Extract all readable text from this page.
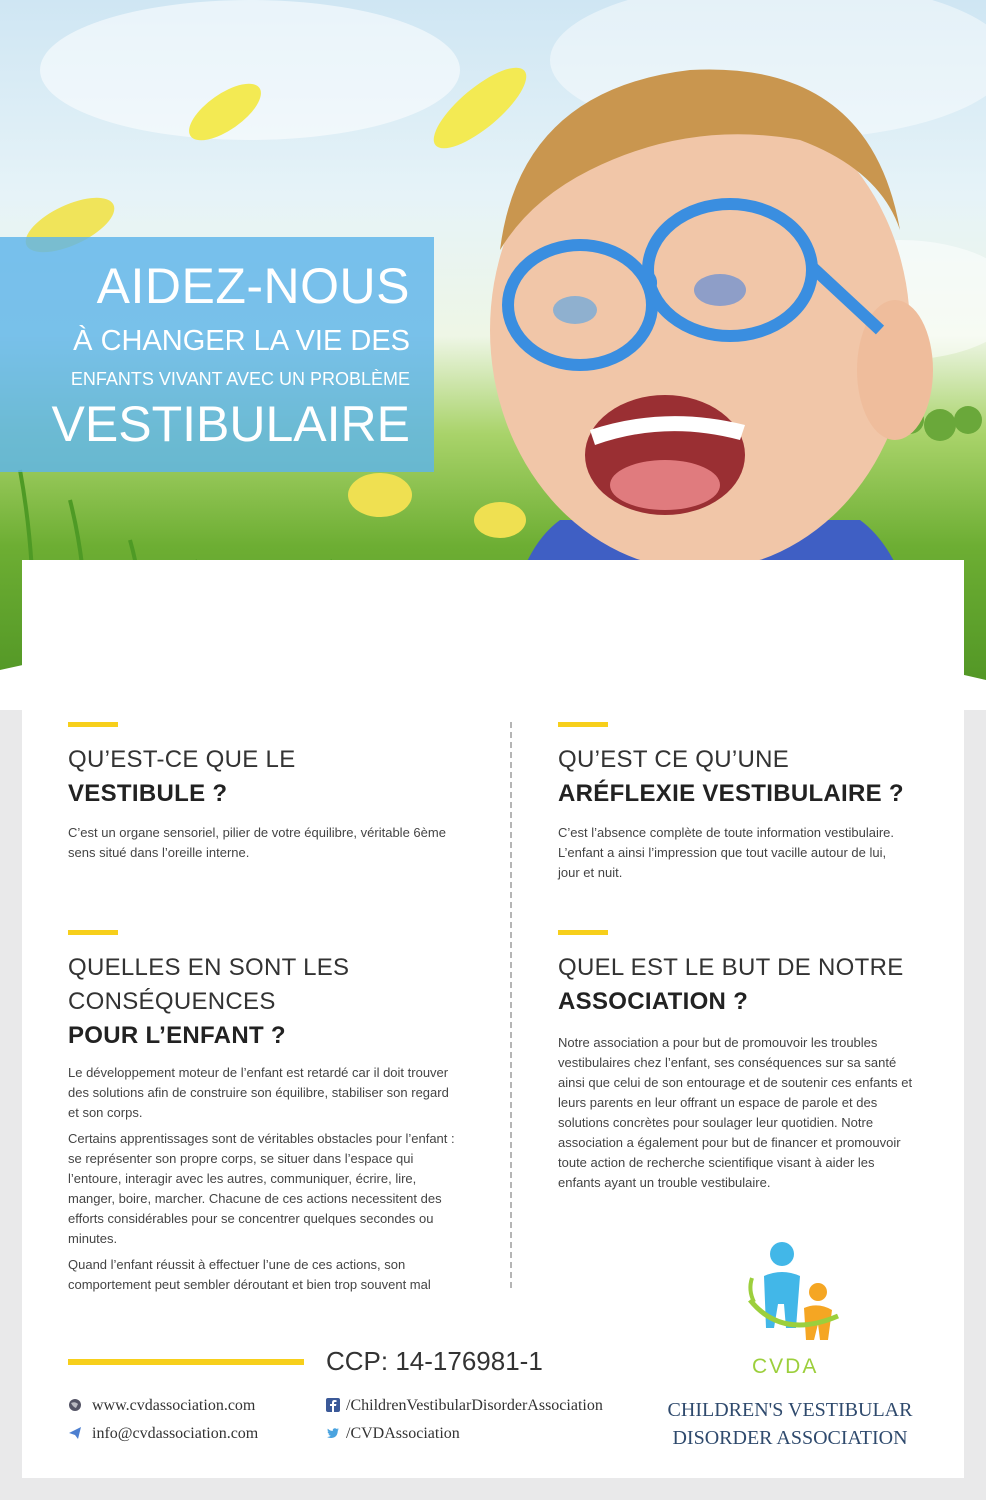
AIDEZ-NOUS
À CHANGER LA VIE DES
ENFANTS VIVANT AVEC UN PROBLÈME
VESTIBULAIRE
QU’EST-CE QUE LE
VESTIBULE ?

C’est un organe sensoriel, pilier de votre équilibre, véritable 6ème sens situé dans l’oreille interne.

QU’EST CE QU’UNE
ARÉFLEXIE VESTIBULAIRE ?

C’est l’absence complète de toute information vestibulaire. L’enfant a ainsi l’impression que tout vacille autour de lui, jour et nuit.

QUELLES EN SONT LES
CONSÉQUENCES
POUR L’ENFANT ?

Le développement moteur de l’enfant est retardé car il doit trouver des solutions afin de construire son équilibre, stabiliser son regard et son corps.

Certains apprentissages sont de véritables obstacles pour l’enfant : se représenter son propre corps, se situer dans l’espace qui l’entoure, interagir avec les autres, communiquer, écrire, lire, manger, boire, marcher. Chacune de ces actions necessitent des efforts considérables pour se concentrer quelques secondes ou minutes.

Quand l’enfant réussit à effectuer l’une de ces actions, son comportement peut sembler déroutant et bien trop souvent mal

QUEL EST LE BUT DE NOTRE
ASSOCIATION ?

Notre association a pour but de promouvoir les troubles vestibulaires chez l’enfant, ses conséquences sur sa santé ainsi que celui de son entourage et de soutenir ces enfants et leurs parents en leur offrant un espace de parole et des solutions concrètes pour soulager leur quotidien. Notre association a également pour but de financer et promouvoir toute action de recherche scientifique visant à aider les enfants ayant un trouble vestibulaire.

CVDA
CCP: 14-176981-1
www.cvdassociation.com
info@cvdassociation.com
/ChildrenVestibularDisorderAssociation
/CVDAssociation
CHILDREN'S VESTIBULAR
DISORDER ASSOCIATION
